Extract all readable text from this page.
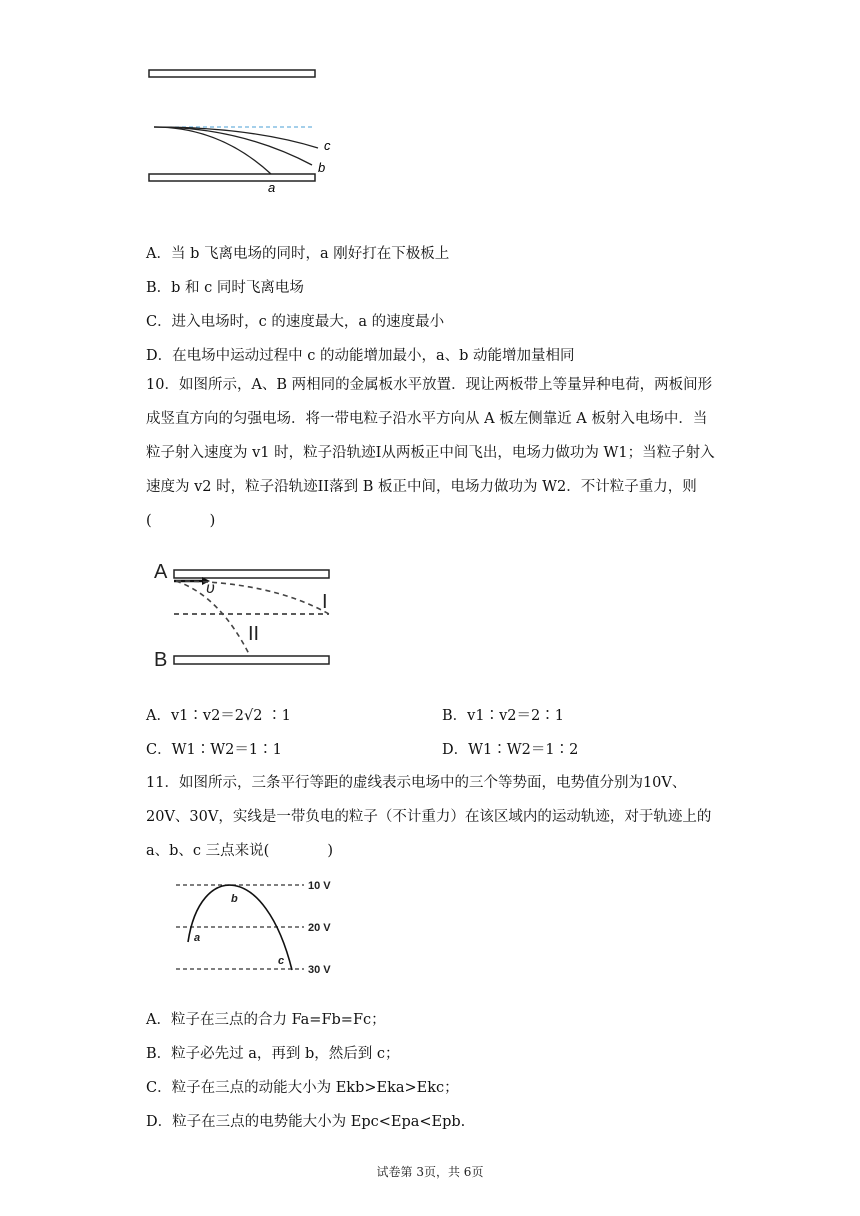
a
b
c
A．当 b 飞离电场的同时，a 刚好打在下极板上
B．b 和 c 同时飞离电场
C．进入电场时，c 的速度最大，a 的速度最小
D．在电场中运动过程中 c 的动能增加最小，a、b 动能增加量相同
10．如图所示，A、B 两相同的金属板水平放置．现让两板带上等量异种电荷，两板间形成竖直方向的匀强电场．将一带电粒子沿水平方向从 A 板左侧靠近 A 板射入电场中．当粒子射入速度为 v1 时，粒子沿轨迹I从两板正中间飞出，电场力做功为 W1；当粒子射入速度为 v2 时，粒子沿轨迹II落到 B 板正中间，电场力做功为 W2．不计粒子重力，则(　　　　)
A
B
υ
I
II
A．v1∶v2＝2√2 ∶1	B．v1∶v2＝2∶1
C．W1∶W2＝1∶1	D．W1∶W2＝1∶2
11．如图所示，三条平行等距的虚线表示电场中的三个等势面，电势值分别为10V、20V、30V，实线是一带负电的粒子（不计重力）在该区域内的运动轨迹，对于轨迹上的 a、b、c 三点来说(　　　　)
10 V
20 V
30 V
a
b
c
A．粒子在三点的合力 Fa=Fb=Fc；
B．粒子必先过 a，再到 b，然后到 c；
C．粒子在三点的动能大小为 Ekb>Eka>Ekc；
D．粒子在三点的电势能大小为 Epc<Epa<Epb.
试卷第 3页，共 6页
